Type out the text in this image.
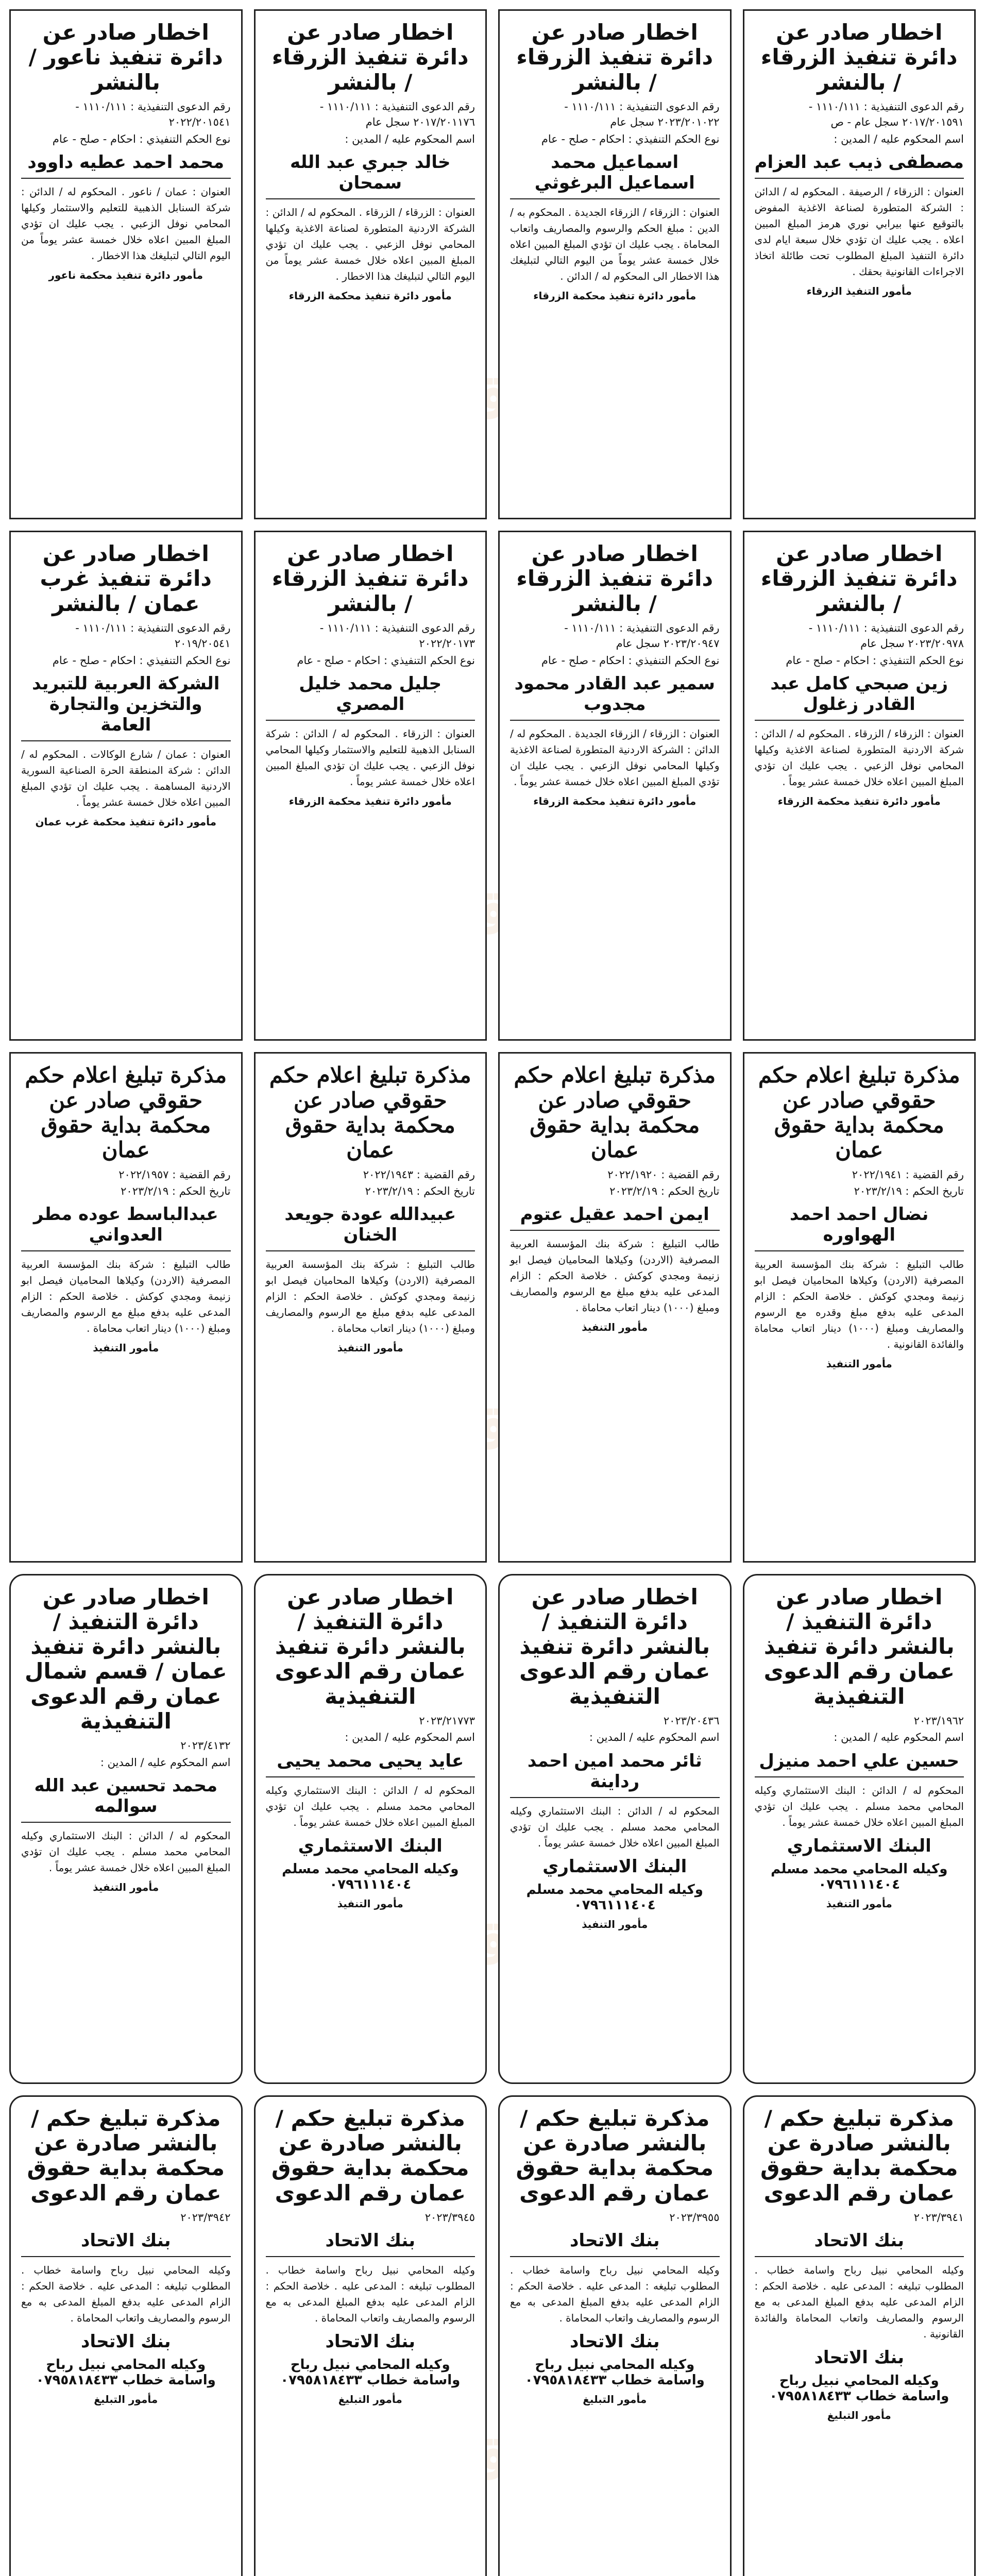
الوقائع
الوقائع
الوقائع
الوقائع
الوقائع
اخطار صادر عن دائرة تنفيذ الزرقاء / بالنشر
رقم الدعوى التنفيذية : ١١١٠/١١١ - ٢٠١٧/٢٠١٥٩١ سجل عام - ص
اسم المحكوم عليه / المدين :
مصطفى ذيب عبد العزام
العنوان : الزرقاء / الرصيفة . المحكوم له / الدائن : الشركة المتطورة لصناعة الاغذية المفوض بالتوقيع عنها بيرابي نوري هرمز المبلغ المبين اعلاه . يجب عليك ان تؤدي خلال سبعة ايام لدى دائرة التنفيذ المبلغ المطلوب تحت طائلة اتخاذ الاجراءات القانونية بحقك .
مأمور التنفيذ الزرقاء
اخطار صادر عن دائرة تنفيذ الزرقاء / بالنشر
رقم الدعوى التنفيذية : ١١١٠/١١١ - ٢٠٢٣/٢٠١٠٢٢ سجل عام
نوع الحكم التنفيذي : احكام - صلح - عام
اسماعيل محمد اسماعيل البرغوثي
العنوان : الزرقاء / الزرقاء الجديدة . المحكوم به / الدين : مبلغ الحكم والرسوم والمصاريف واتعاب المحاماة . يجب عليك ان تؤدي المبلغ المبين اعلاه خلال خمسة عشر يوماً من اليوم التالي لتبليغك هذا الاخطار الى المحكوم له / الدائن .
مأمور دائرة تنفيذ محكمة الزرقاء
اخطار صادر عن دائرة تنفيذ الزرقاء / بالنشر
رقم الدعوى التنفيذية : ١١١٠/١١١ - ٢٠١٧/٢٠١١٧٦ سجل عام
اسم المحكوم عليه / المدين :
خالد جبري عبد الله سمحان
العنوان : الزرقاء / الزرقاء . المحكوم له / الدائن : الشركة الاردنية المتطورة لصناعة الاغذية وكيلها المحامي نوفل الزعبي . يجب عليك ان تؤدي المبلغ المبين اعلاه خلال خمسة عشر يوماً من اليوم التالي لتبليغك هذا الاخطار .
مأمور دائرة تنفيذ محكمة الزرقاء
اخطار صادر عن دائرة تنفيذ ناعور / بالنشر
رقم الدعوى التنفيذية : ١١١٠/١١١ - ٢٠٢٢/٢٠١٥٤١
نوع الحكم التنفيذي : احكام - صلح - عام
محمد احمد عطيه داوود
العنوان : عمان / ناعور . المحكوم له / الدائن : شركة السنابل الذهبية للتعليم والاستثمار وكيلها المحامي نوفل الزعبي . يجب عليك ان تؤدي المبلغ المبين اعلاه خلال خمسة عشر يوماً من اليوم التالي لتبليغك هذا الاخطار .
مأمور دائرة تنفيذ محكمة ناعور
اخطار صادر عن دائرة تنفيذ الزرقاء / بالنشر
رقم الدعوى التنفيذية : ١١١٠/١١١ - ٢٠٢٣/٢٠٩٧٨ سجل عام
نوع الحكم التنفيذي : احكام - صلح - عام
زين صبحي كامل عبد القادر زغلول
العنوان : الزرقاء / الزرقاء . المحكوم له / الدائن : شركة الاردنية المتطورة لصناعة الاغذية وكيلها المحامي نوفل الزعبي . يجب عليك ان تؤدي المبلغ المبين اعلاه خلال خمسة عشر يوماً .
مأمور دائرة تنفيذ محكمة الزرقاء
اخطار صادر عن دائرة تنفيذ الزرقاء / بالنشر
رقم الدعوى التنفيذية : ١١١٠/١١١ - ٢٠٢٣/٢٠٩٤٧ سجل عام
نوع الحكم التنفيذي : احكام - صلح - عام
سمير عبد القادر محمود مجدوب
العنوان : الزرقاء / الزرقاء الجديدة . المحكوم له / الدائن : الشركة الاردنية المتطورة لصناعة الاغذية وكيلها المحامي نوفل الزعبي . يجب عليك ان تؤدي المبلغ المبين اعلاه خلال خمسة عشر يوماً .
مأمور دائرة تنفيذ محكمة الزرقاء
اخطار صادر عن دائرة تنفيذ الزرقاء / بالنشر
رقم الدعوى التنفيذية : ١١١٠/١١١ - ٢٠٢٢/٢٠١٧٣
نوع الحكم التنفيذي : احكام - صلح - عام
جليل محمد خليل المصري
العنوان : الزرقاء . المحكوم له / الدائن : شركة السنابل الذهبية للتعليم والاستثمار وكيلها المحامي نوفل الزعبي . يجب عليك ان تؤدي المبلغ المبين اعلاه خلال خمسة عشر يوماً .
مأمور دائرة تنفيذ محكمة الزرقاء
اخطار صادر عن دائرة تنفيذ غرب عمان / بالنشر
رقم الدعوى التنفيذية : ١١١٠/١١١ - ٢٠١٩/٢٠٥٤١
نوع الحكم التنفيذي : احكام - صلح - عام
الشركة العربية للتبريد والتخزين والتجارة العامة
العنوان : عمان / شارع الوكالات . المحكوم له / الدائن : شركة المنطقة الحرة الصناعية السورية الاردنية المساهمة . يجب عليك ان تؤدي المبلغ المبين اعلاه خلال خمسة عشر يوماً .
مأمور دائرة تنفيذ محكمة غرب عمان
مذكرة تبليغ اعلام حكم حقوقي صادر عن محكمة بداية حقوق عمان
رقم القضية : ٢٠٢٢/١٩٤١
تاريخ الحكم : ٢٠٢٣/٢/١٩
نضال احمد احمد الهواوره
طالب التبليغ : شركة بنك المؤسسة العربية المصرفية (الاردن) وكيلاها المحاميان فيصل ابو زنيمة ومجدي كوكش . خلاصة الحكم : الزام المدعى عليه بدفع مبلغ وقدره مع الرسوم والمصاريف ومبلغ (١٠٠٠) دينار اتعاب محاماة والفائدة القانونية .
مأمور التنفيذ
مذكرة تبليغ اعلام حكم حقوقي صادر عن محكمة بداية حقوق عمان
رقم القضية : ٢٠٢٢/١٩٢٠
تاريخ الحكم : ٢٠٢٣/٢/١٩
ايمن احمد عقيل عتوم
طالب التبليغ : شركة بنك المؤسسة العربية المصرفية (الاردن) وكيلاها المحاميان فيصل ابو زنيمة ومجدي كوكش . خلاصة الحكم : الزام المدعى عليه بدفع مبلغ مع الرسوم والمصاريف ومبلغ (١٠٠٠) دينار اتعاب محاماة .
مأمور التنفيذ
مذكرة تبليغ اعلام حكم حقوقي صادر عن محكمة بداية حقوق عمان
رقم القضية : ٢٠٢٢/١٩٤٣
تاريخ الحكم : ٢٠٢٣/٢/١٩
عبيدالله عودة جويعد الخنان
طالب التبليغ : شركة بنك المؤسسة العربية المصرفية (الاردن) وكيلاها المحاميان فيصل ابو زنيمة ومجدي كوكش . خلاصة الحكم : الزام المدعى عليه بدفع مبلغ مع الرسوم والمصاريف ومبلغ (١٠٠٠) دينار اتعاب محاماة .
مأمور التنفيذ
مذكرة تبليغ اعلام حكم حقوقي صادر عن محكمة بداية حقوق عمان
رقم القضية : ٢٠٢٢/١٩٥٧
تاريخ الحكم : ٢٠٢٣/٢/١٩
عبدالباسط عوده مطر العدواني
طالب التبليغ : شركة بنك المؤسسة العربية المصرفية (الاردن) وكيلاها المحاميان فيصل ابو زنيمة ومجدي كوكش . خلاصة الحكم : الزام المدعى عليه بدفع مبلغ مع الرسوم والمصاريف ومبلغ (١٠٠٠) دينار اتعاب محاماة .
مأمور التنفيذ
اخطار صادر عن دائرة التنفيذ / بالنشر دائرة تنفيذ عمان رقم الدعوى التنفيذية
٢٠٢٣/١٩٦٢
اسم المحكوم عليه / المدين :
حسين علي احمد منيزل
المحكوم له / الدائن : البنك الاستثماري وكيله المحامي محمد مسلم . يجب عليك ان تؤدي المبلغ المبين اعلاه خلال خمسة عشر يوماً .
البنك الاستثماري
وكيله المحامي محمد مسلم ٠٧٩٦١١١٤٠٤
مأمور التنفيذ
اخطار صادر عن دائرة التنفيذ / بالنشر دائرة تنفيذ عمان رقم الدعوى التنفيذية
٢٠٢٣/٢٠٤٣٦
اسم المحكوم عليه / المدين :
ثائر محمد امين احمد رداينة
المحكوم له / الدائن : البنك الاستثماري وكيله المحامي محمد مسلم . يجب عليك ان تؤدي المبلغ المبين اعلاه خلال خمسة عشر يوماً .
البنك الاستثماري
وكيله المحامي محمد مسلم ٠٧٩٦١١١٤٠٤
مأمور التنفيذ
اخطار صادر عن دائرة التنفيذ / بالنشر دائرة تنفيذ عمان رقم الدعوى التنفيذية
٢٠٢٣/٢١٧٧٣
اسم المحكوم عليه / المدين :
عايد يحيى محمد يحيى
المحكوم له / الدائن : البنك الاستثماري وكيله المحامي محمد مسلم . يجب عليك ان تؤدي المبلغ المبين اعلاه خلال خمسة عشر يوماً .
البنك الاستثماري
وكيله المحامي محمد مسلم ٠٧٩٦١١١٤٠٤
مأمور التنفيذ
اخطار صادر عن دائرة التنفيذ / بالنشر دائرة تنفيذ عمان / قسم شمال عمان رقم الدعوى التنفيذية
٢٠٢٣/٤١٣٢
اسم المحكوم عليه / المدين :
محمد تحسين عبد الله سوالمه
المحكوم له / الدائن : البنك الاستثماري وكيله المحامي محمد مسلم . يجب عليك ان تؤدي المبلغ المبين اعلاه خلال خمسة عشر يوماً .
مأمور التنفيذ
مذكرة تبليغ حكم / بالنشر صادرة عن محكمة بداية حقوق عمان رقم الدعوى
٢٠٢٣/٣٩٤١
بنك الاتحاد
وكيله المحامي نبيل رباح واسامة خطاب . المطلوب تبليغه : المدعى عليه . خلاصة الحكم : الزام المدعى عليه بدفع المبلغ المدعى به مع الرسوم والمصاريف واتعاب المحاماة والفائدة القانونية .
بنك الاتحاد
وكيله المحامي نبيل رباح واسامة خطاب ٠٧٩٥٨١٨٤٣٣
مأمور التبليغ
مذكرة تبليغ حكم / بالنشر صادرة عن محكمة بداية حقوق عمان رقم الدعوى
٢٠٢٣/٣٩٥٥
بنك الاتحاد
وكيله المحامي نبيل رباح واسامة خطاب . المطلوب تبليغه : المدعى عليه . خلاصة الحكم : الزام المدعى عليه بدفع المبلغ المدعى به مع الرسوم والمصاريف واتعاب المحاماة .
بنك الاتحاد
وكيله المحامي نبيل رباح واسامة خطاب ٠٧٩٥٨١٨٤٣٣
مأمور التبليغ
مذكرة تبليغ حكم / بالنشر صادرة عن محكمة بداية حقوق عمان رقم الدعوى
٢٠٢٣/٣٩٤٥
بنك الاتحاد
وكيله المحامي نبيل رباح واسامة خطاب . المطلوب تبليغه : المدعى عليه . خلاصة الحكم : الزام المدعى عليه بدفع المبلغ المدعى به مع الرسوم والمصاريف واتعاب المحاماة .
بنك الاتحاد
وكيله المحامي نبيل رباح واسامة خطاب ٠٧٩٥٨١٨٤٣٣
مأمور التبليغ
مذكرة تبليغ حكم / بالنشر صادرة عن محكمة بداية حقوق عمان رقم الدعوى
٢٠٢٣/٣٩٤٢
بنك الاتحاد
وكيله المحامي نبيل رباح واسامة خطاب . المطلوب تبليغه : المدعى عليه . خلاصة الحكم : الزام المدعى عليه بدفع المبلغ المدعى به مع الرسوم والمصاريف واتعاب المحاماة .
بنك الاتحاد
وكيله المحامي نبيل رباح واسامة خطاب ٠٧٩٥٨١٨٤٣٣
مأمور التبليغ
